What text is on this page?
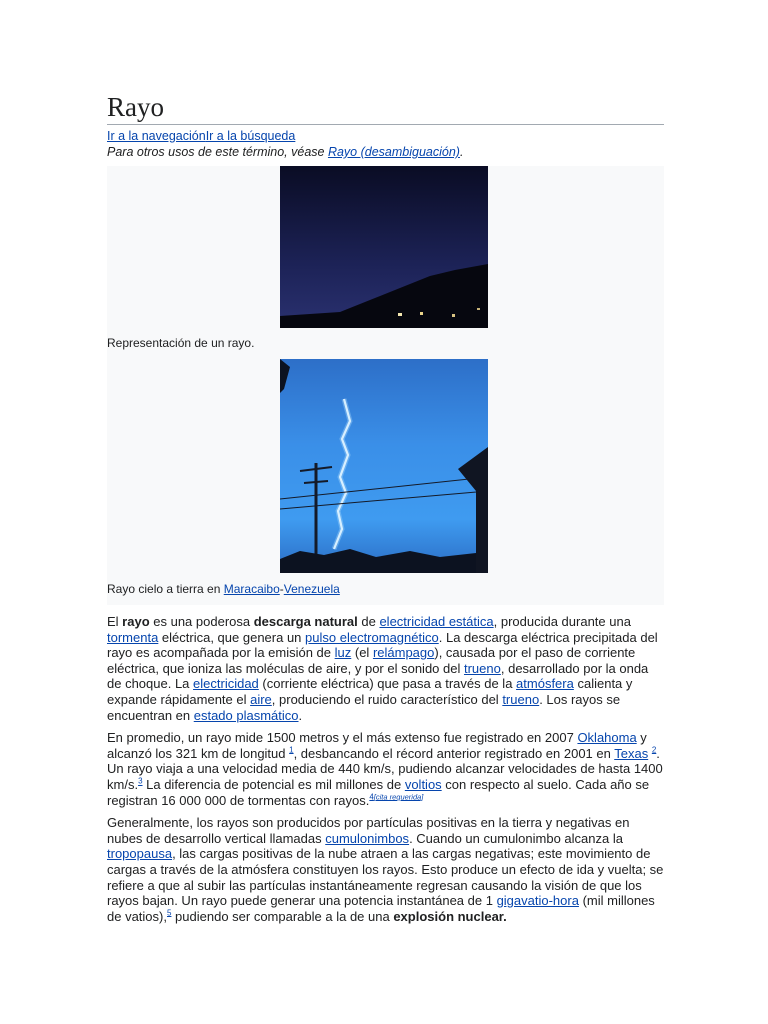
Rayo
Ir a la navegaciónIr a la búsqueda
Para otros usos de este término, véase Rayo (desambiguación).
Representación de un rayo.
Rayo cielo a tierra en Maracaibo-Venezuela

El rayo es una poderosa descarga natural de electricidad estática, producida durante una tormenta eléctrica, que genera un pulso electromagnético. La descarga eléctrica precipitada del rayo es acompañada por la emisión de luz (el relámpago), causada por el paso de corriente eléctrica, que ioniza las moléculas de aire, y por el sonido del trueno, desarrollado por la onda de choque. La electricidad (corriente eléctrica) que pasa a través de la atmósfera calienta y expande rápidamente el aire, produciendo el ruido característico del trueno. Los rayos se encuentran en estado plasmático.

En promedio, un rayo mide 1500 metros y el más extenso fue registrado en 2007 Oklahoma y alcanzó los 321 km de longitud $^1$, desbancando el récord anterior registrado en 2001 en Texas $^2$. Un rayo viaja a una velocidad media de 440 km/s, pudiendo alcanzar velocidades de hasta 1400 km/s.$^3$ La diferencia de potencial es mil millones de voltios con respecto al suelo. Cada año se registran 16 000 000 de tormentas con rayos.$^{4[cita requerida]}$

Generalmente, los rayos son producidos por partículas positivas en la tierra y negativas en nubes de desarrollo vertical llamadas cumulonimbos. Cuando un cumulonimbo alcanza la tropopausa, las cargas positivas de la nube atraen a las cargas negativas; este movimiento de cargas a través de la atmósfera constituyen los rayos. Esto produce un efecto de ida y vuelta; se refiere a que al subir las partículas instantáneamente regresan causando la visión de que los rayos bajan. Un rayo puede generar una potencia instantánea de 1 gigavatio-hora (mil millones de vatios),$^5$ pudiendo ser comparable a la de una explosión nuclear.
